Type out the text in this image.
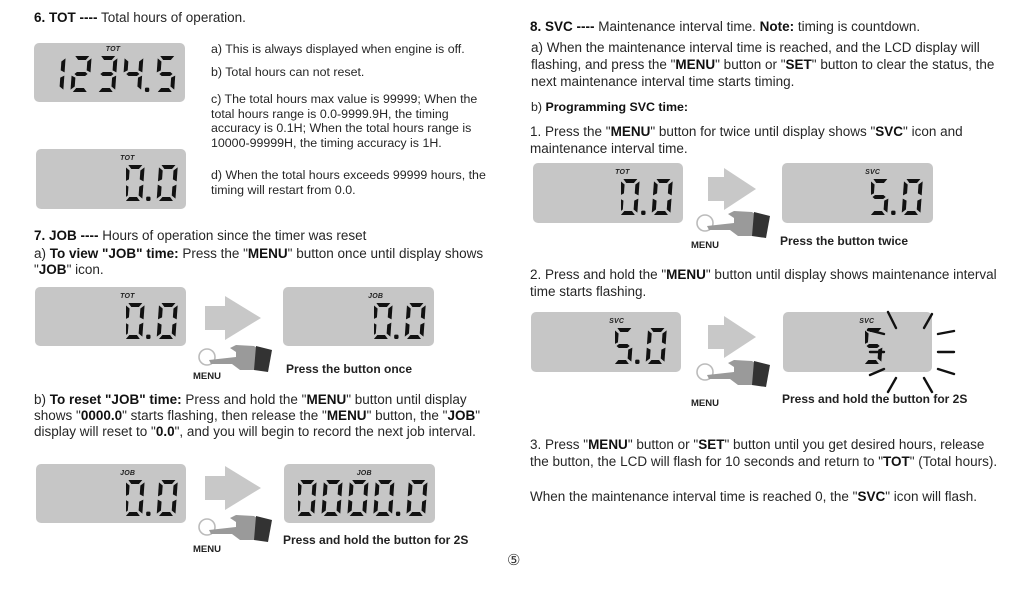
6. TOT ---- Total hours of operation.
TOT
TOT
a) This is always displayed when engine is off.
b) Total hours can not reset.
c) The total hours max value is 99999; When the total hours range is 0.0-9999.9H, the timing accuracy is 0.1H; When the total hours range is 10000-99999H, the timing accuracy is 1H.
d) When the total hours exceeds 99999 hours, the timing will restart from 0.0.
7. JOB ---- Hours of operation since the timer was reset
a) To view "JOB" time: Press the "MENU" button once until display shows "JOB" icon.
TOT	JOB
MENU
Press the button once
b) To reset "JOB" time: Press and hold the "MENU" button until display shows "0000.0" starts flashing, then release the "MENU" button, the "JOB" display will reset to "0.0", and you will begin to record the next job interval.
JOB	JOB
MENU
Press and hold the button for 2S
⑤
8. SVC ---- Maintenance interval time. Note: timing is countdown.
a) When the maintenance interval time is reached, and the LCD display will flashing, and press the "MENU" button or "SET" button to clear the status, the next maintenance interval time starts timing.
b) Programming SVC time:
1. Press the "MENU" button for twice until display shows "SVC" icon and maintenance interval time.
TOT	SVC
MENU	Press the button twice
2. Press and hold the "MENU" button until display shows maintenance interval time starts flashing.
SVC	SVC
MENU	Press and hold the button for 2S
3. Press "MENU" button or "SET" button until you get desired hours, release the button, the LCD will flash for 10 seconds and return to "TOT" (Total hours).
When the maintenance interval time is reached 0, the "SVC" icon will flash.
